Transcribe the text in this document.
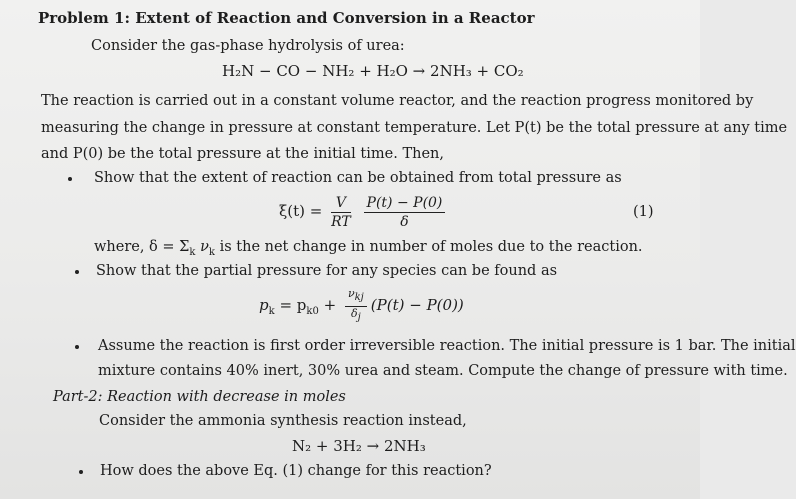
Problem 1: Extent of Reaction and Conversion in a Reactor
Consider the gas-phase hydrolysis of urea:
H₂N − CO − NH₂ + H₂O → 2NH₃ + CO₂
The reaction is carried out in a constant volume reactor, and the reaction progress monitored by
measuring the change in pressure at constant temperature. Let P(t) be the total pressure at any time
and P(0) be the total pressure at the initial time. Then,
Show that the extent of reaction can be obtained from total pressure as
$\xi(t) = \frac{V}{RT}$
$\frac{P(t) - P(0)}{\delta}$	(1)
where, $\delta = \Sigma_k$ $\nu_k$ is the net change in number of moles due to the reaction.
Show that the partial pressure for any species can be found as
$p_k = p_{k0} + \frac{\nu_{kj}}{\delta_j} (P(t) - P(0))$
Assume the reaction is first order irreversible reaction. The initial pressure is 1 bar. The initial
mixture contains 40% inert, 30% urea and steam. Compute the change of pressure with time.
Part-2: Reaction with decrease in moles
Consider the ammonia synthesis reaction instead,
N₂ + 3H₂ → 2NH₃
How does the above Eq. (1) change for this reaction?
